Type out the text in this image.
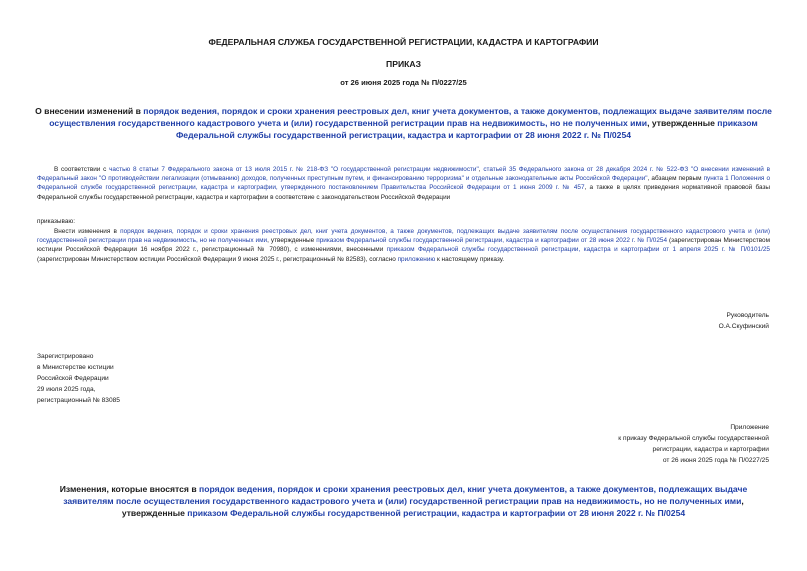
ФЕДЕРАЛЬНАЯ СЛУЖБА ГОСУДАРСТВЕННОЙ РЕГИСТРАЦИИ, КАДАСТРА И КАРТОГРАФИИ
ПРИКАЗ
от 26 июня 2025 года № П/0227/25
О внесении изменений в порядок ведения, порядок и сроки хранения реестровых дел, книг учета документов, а также документов, подлежащих выдаче заявителям после осуществления государственного кадастрового учета и (или) государственной регистрации прав на недвижимость, но не полученных ими, утвержденные приказом Федеральной службы государственной регистрации, кадастра и картографии от 28 июня 2022 г. № П/0254
В соответствии с частью 8 статьи 7 Федерального закона от 13 июля 2015 г. № 218-ФЗ "О государственной регистрации недвижимости", статьей 35 Федерального закона от 28 декабря 2024 г. № 522-ФЗ "О внесении изменений в Федеральный закон "О противодействии легализации (отмыванию) доходов, полученных преступным путем, и финансированию терроризма" и отдельные законодательные акты Российской Федерации", абзацем первым пункта 1 Положения о Федеральной службе государственной регистрации, кадастра и картографии, утвержденного постановлением Правительства Российской Федерации от 1 июня 2009 г. № 457, а также в целях приведения нормативной правовой базы Федеральной службы государственной регистрации, кадастра и картографии в соответствие с законодательством Российской Федерации
приказываю:
Внести изменения в порядок ведения, порядок и сроки хранения реестровых дел, книг учета документов, а также документов, подлежащих выдаче заявителям после осуществления государственного кадастрового учета и (или) государственной регистрации прав на недвижимость, но не полученных ими, утвержденные приказом Федеральной службы государственной регистрации, кадастра и картографии от 28 июня 2022 г. № П/0254 (зарегистрирован Министерством юстиции Российской Федерации 16 ноября 2022 г., регистрационный № 70980), с изменениями, внесенными приказом Федеральной службы государственной регистрации, кадастра и картографии от 1 апреля 2025 г. № П/0101/25 (зарегистрирован Министерством юстиции Российской Федерации 9 июня 2025 г., регистрационный № 82583), согласно приложению к настоящему приказу.
Руководитель
О.А.Скуфинский
Зарегистрировано
в Министерстве юстиции
Российской Федерации
29 июля 2025 года,
регистрационный № 83085
Приложение
к приказу Федеральной службы государственной
регистрации, кадастра и картографии
от 26 июня 2025 года № П/0227/25
Изменения, которые вносятся в порядок ведения, порядок и сроки хранения реестровых дел, книг учета документов, а также документов, подлежащих выдаче заявителям после осуществления государственного кадастрового учета и (или) государственной регистрации прав на недвижимость, но не полученных ими, утвержденные приказом Федеральной службы государственной регистрации, кадастра и картографии от 28 июня 2022 г. № П/0254
